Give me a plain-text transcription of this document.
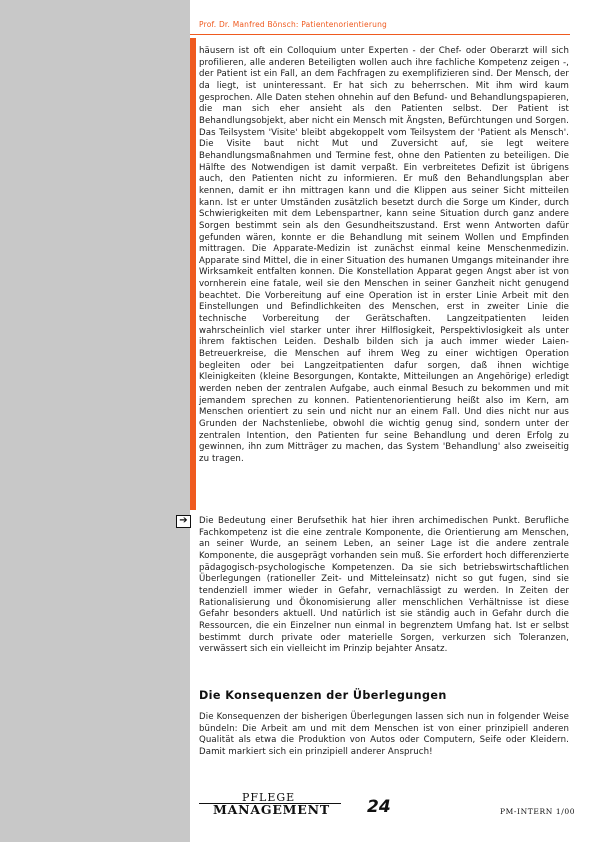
Prof. Dr. Manfred Bönsch: Patientenorientierung

häusern ist oft ein Colloquium unter Experten - der Chef- oder Oberarzt will sich profilieren, alle anderen Beteiligten wollen auch ihre fachliche Kompetenz zeigen -, der Patient ist ein Fall, an dem Fachfragen zu exemplifizieren sind. Der Mensch, der da liegt, ist uninteressant. Er hat sich zu beherrschen. Mit ihm wird kaum gesprochen. Alle Daten stehen ohnehin auf den Befund- und Behandlungspapieren, die man sich eher ansieht als den Patienten selbst. Der Patient ist Behandlungsobjekt, aber nicht ein Mensch mit Ängsten, Befürchtungen und Sorgen. Das Teilsystem 'Visite' bleibt abgekoppelt vom Teilsystem der 'Patient als Mensch'. Die Visite baut nicht Mut und Zuversicht auf, sie legt weitere Behandlungsmaßnahmen und Termine fest, ohne den Patienten zu beteiligen. Die Hälfte des Notwendigen ist damit verpaßt. Ein verbreitetes Defizit ist übrigens auch, den Patienten nicht zu informieren. Er muß den Behandlungsplan aber kennen, damit er ihn mittragen kann und die Klippen aus seiner Sicht mitteilen kann. Ist er unter Umständen zusätzlich besetzt durch die Sorge um Kinder, durch Schwierigkeiten mit dem Lebenspartner, kann seine Situation durch ganz andere Sorgen bestimmt sein als den Gesundheitszustand. Erst wenn Antworten dafür gefunden wären, konnte er die Behandlung mit seinem Wollen und Empfinden mittragen. Die Apparate-Medizin ist zunächst einmal keine Menschenmedizin. Apparate sind Mittel, die in einer Situation des humanen Umgangs miteinander ihre Wirksamkeit entfalten konnen. Die Konstellation Apparat gegen Angst aber ist von vornherein eine fatale, weil sie den Menschen in seiner Ganzheit nicht genugend beachtet. Die Vorbereitung auf eine Operation ist in erster Linie Arbeit mit den Einstellungen und Befindlichkeiten des Menschen, erst in zweiter Linie die technische Vorbereitung der Gerätschaften. Langzeitpatienten leiden wahrscheinlich viel starker unter ihrer Hilflosigkeit, Perspektivlosigkeit als unter ihrem faktischen Leiden. Deshalb bilden sich ja auch immer wieder Laien-Betreuerkreise, die Menschen auf ihrem Weg zu einer wichtigen Operation begleiten oder bei Langzeitpatienten dafur sorgen, daß ihnen wichtige Kleinigkeiten (kleine Besorgungen, Kontakte, Mitteilungen an Angehörige) erledigt werden neben der zentralen Aufgabe, auch einmal Besuch zu bekommen und mit jemandem sprechen zu konnen. Patientenorientierung heißt also im Kern, am Menschen orientiert zu sein und nicht nur an einem Fall. Und dies nicht nur aus Grunden der Nachstenliebe, obwohl die wichtig genug sind, sondern unter der zentralen Intention, den Patienten fur seine Behandlung und deren Erfolg zu gewinnen, ihn zum Mitträger zu machen, das System 'Behandlung' also zweiseitig zu tragen.

➔	Die Bedeutung einer Berufsethik hat hier ihren archimedischen Punkt. Berufliche Fachkompetenz ist die eine zentrale Komponente, die Orientierung am Menschen, an seiner Wurde, an seinem Leben, an seiner Lage ist die andere zentrale Komponente, die ausgeprägt vorhanden sein muß. Sie erfordert hoch differenzierte pädagogisch-psychologische Kompetenzen. Da sie sich betriebswirtschaftlichen Überlegungen (rationeller Zeit- und Mitteleinsatz) nicht so gut fugen, sind sie tendenziell immer wieder in Gefahr, vernachlässigt zu werden. In Zeiten der Rationalisierung und Ökonomisierung aller menschlichen Verhältnisse ist diese Gefahr besonders aktuell. Und natürlich ist sie ständig auch in Gefahr durch die Ressourcen, die ein Einzelner nun einmal in begrenztem Umfang hat. Ist er selbst bestimmt durch private oder materielle Sorgen, verkurzen sich Toleranzen, verwässert sich ein vielleicht im Prinzip bejahter Ansatz.

Die Konsequenzen der Überlegungen

Die Konsequenzen der bisherigen Überlegungen lassen sich nun in folgender Weise bündeln: Die Arbeit am und mit dem Menschen ist von einer prinzipiell anderen Qualität als etwa die Produktion von Autos oder Computern, Seife oder Kleidern. Damit markiert sich ein prinzipiell anderer Anspruch!

PFLEGE
MANAGEMENT 24	PM-INTERN 1/00
